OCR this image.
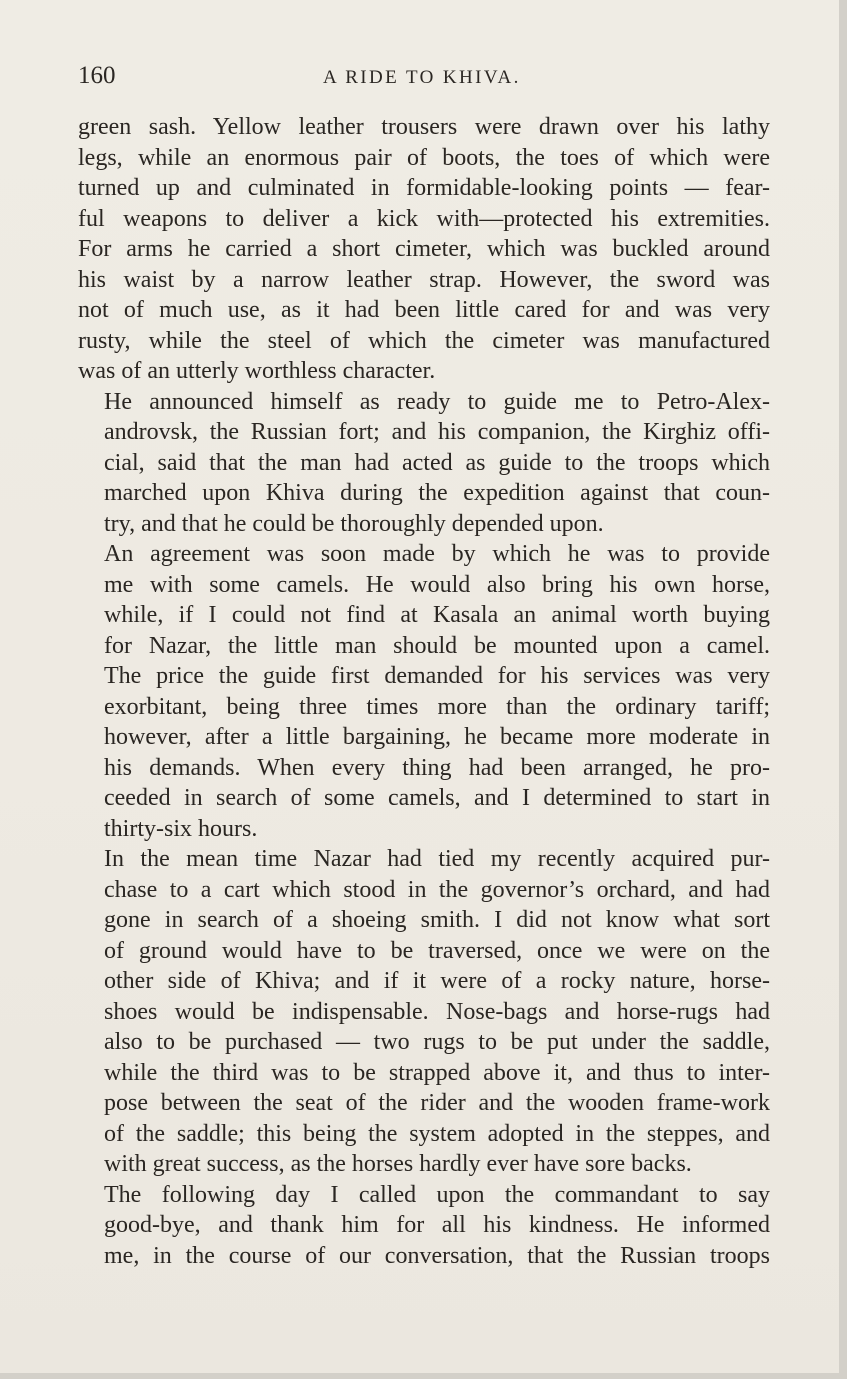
160	A RIDE TO KHIVA.
green sash. Yellow leather trousers were drawn over his lathy
legs, while an enormous pair of boots, the toes of which were
turned up and culminated in formidable-looking points — fear-
ful weapons to deliver a kick with—protected his extremities.
For arms he carried a short cimeter, which was buckled around
his waist by a narrow leather strap. However, the sword was
not of much use, as it had been little cared for and was very
rusty, while the steel of which the cimeter was manufactured
was of an utterly worthless character.
He announced himself as ready to guide me to Petro-Alex-
androvsk, the Russian fort; and his companion, the Kirghiz offi-
cial, said that the man had acted as guide to the troops which
marched upon Khiva during the expedition against that coun-
try, and that he could be thoroughly depended upon.
An agreement was soon made by which he was to provide
me with some camels. He would also bring his own horse,
while, if I could not find at Kasala an animal worth buying
for Nazar, the little man should be mounted upon a camel.
The price the guide first demanded for his services was very
exorbitant, being three times more than the ordinary tariff;
however, after a little bargaining, he became more moderate in
his demands. When every thing had been arranged, he pro-
ceeded in search of some camels, and I determined to start in
thirty-six hours.
In the mean time Nazar had tied my recently acquired pur-
chase to a cart which stood in the governor’s orchard, and had
gone in search of a shoeing smith. I did not know what sort
of ground would have to be traversed, once we were on the
other side of Khiva; and if it were of a rocky nature, horse-
shoes would be indispensable. Nose-bags and horse-rugs had
also to be purchased — two rugs to be put under the saddle,
while the third was to be strapped above it, and thus to inter-
pose between the seat of the rider and the wooden frame-work
of the saddle; this being the system adopted in the steppes, and
with great success, as the horses hardly ever have sore backs.
The following day I called upon the commandant to say
good-bye, and thank him for all his kindness. He informed
me, in the course of our conversation, that the Russian troops
